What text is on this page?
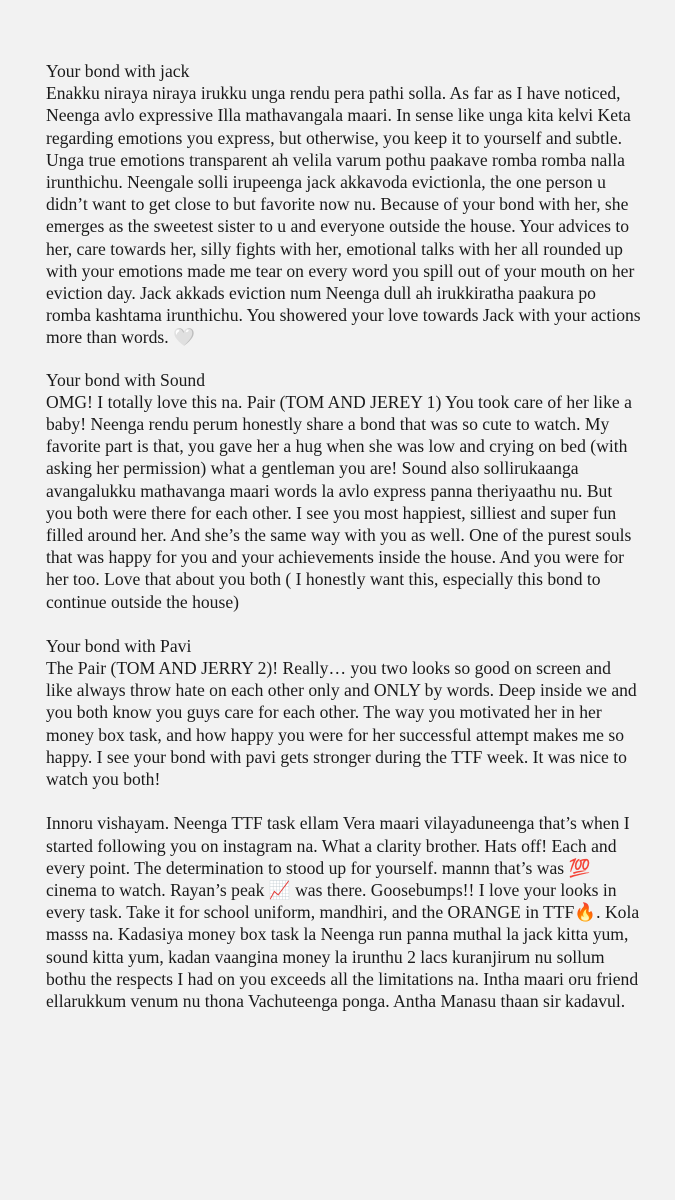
Your bond with jack

Enakku niraya niraya irukku unga rendu pera pathi solla. As far as I have noticed, Neenga avlo expressive Illa mathavangala maari. In sense like unga kita kelvi Keta regarding emotions you express, but otherwise, you keep it to yourself and subtle. Unga true emotions transparent ah velila varum pothu paakave romba romba nalla irunthichu. Neengale solli irupeenga jack akkavoda evictionla, the one person u didn’t want to get close to but favorite now nu. Because of your bond with her, she emerges as the sweetest sister to u and everyone outside the house. Your advices to her, care towards her, silly fights with her, emotional talks with her all rounded up with your emotions made me tear on every word you spill out of your mouth on her eviction day. Jack akkads eviction num Neenga dull ah irukkiratha paakura po romba kashtama irunthichu. You showered your love towards Jack with your actions more than words. 🤍

Your bond with Sound

OMG! I totally love this na. Pair (TOM AND JEREY 1) You took care of her like a baby! Neenga rendu perum honestly share a bond that was so cute to watch. My favorite part is that, you gave her a hug when she was low and crying on bed (with asking her permission) what a gentleman you are! Sound also sollirukaanga avangalukku mathavanga maari words la avlo express panna theriyaathu nu. But you both were there for each other. I see you most happiest, silliest and super fun filled around her. And she’s the same way with you as well. One of the purest souls that was happy for you and your achievements inside the house. And you were for her too. Love that about you both ( I honestly want this, especially this bond to continue outside the house)

Your bond with Pavi

The Pair (TOM AND JERRY 2)! Really… you two looks so good on screen and like always throw hate on each other only and ONLY by words. Deep inside we and you both know you guys care for each other. The way you motivated her in her money box task, and how happy you were for her successful attempt makes me so happy. I see your bond with pavi gets stronger during the TTF week. It was nice to watch you both!

Innoru vishayam. Neenga TTF task ellam Vera maari vilayaduneenga that’s when I started following you on instagram na. What a clarity brother. Hats off! Each and every point. The determination to stood up for yourself. mannn that’s was 💯 cinema to watch. Rayan’s peak 📈 was there. Goosebumps!! I love your looks in every task. Take it for school uniform, mandhiri, and the ORANGE in TTF🔥. Kola masss na. Kadasiya money box task la Neenga run panna muthal la jack kitta yum, sound kitta yum, kadan vaangina money la irunthu 2 lacs kuranjirum nu sollum bothu the respects I had on you exceeds all the limitations na. Intha maari oru friend ellarukkum venum nu thona Vachuteenga ponga. Antha Manasu thaan sir kadavul.
